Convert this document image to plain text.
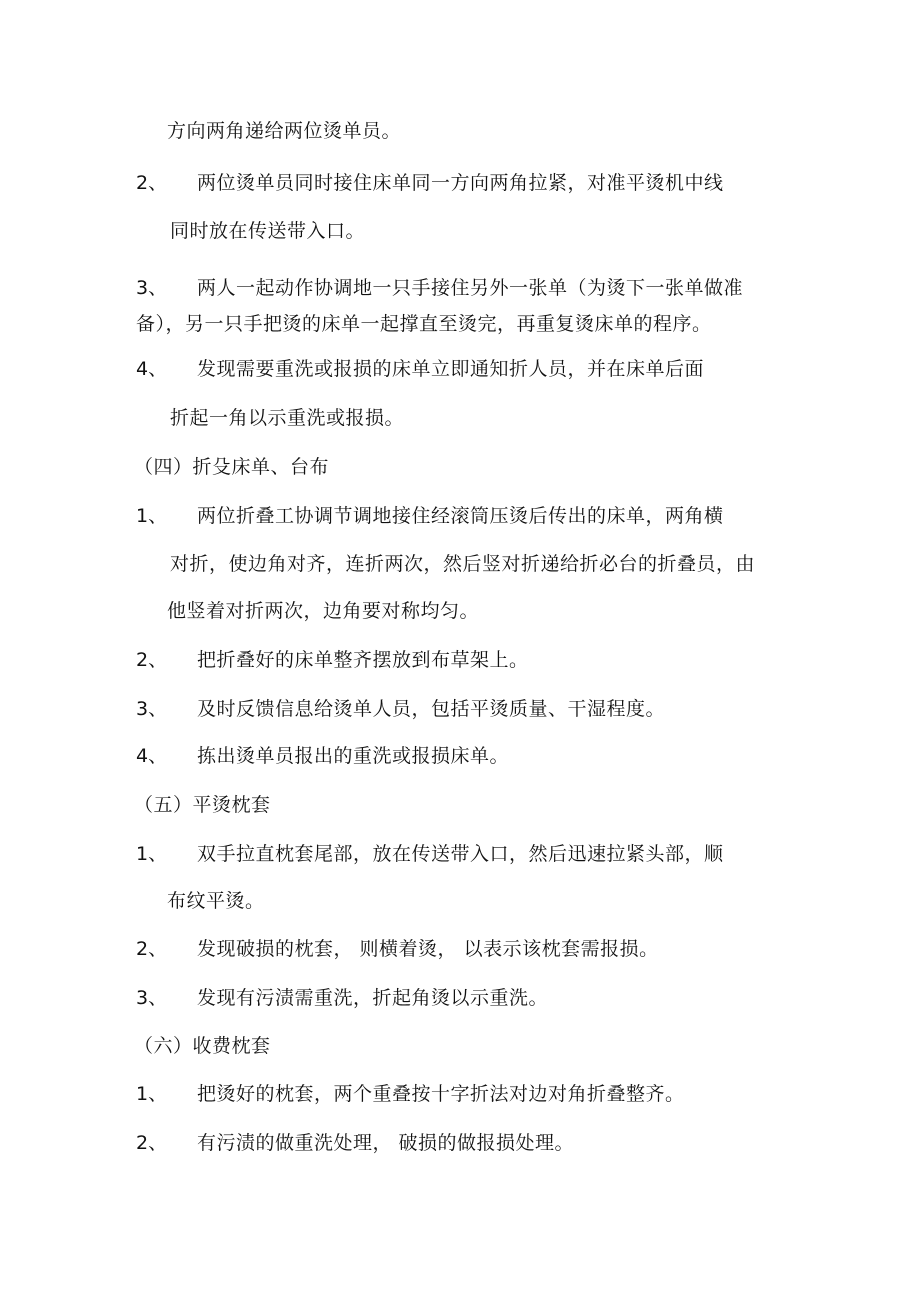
方向两角递给两位烫单员。
2、 两位烫单员同时接住床单同一方向两角拉紧，对准平烫机中线
同时放在传送带入口。
3、 两人一起动作协调地一只手接住另外一张单（为烫下一张单做准
备），另一只手把烫的床单一起撑直至烫完，再重复烫床单的程序。
4、 发现需要重洗或报损的床单立即通知折人员，并在床单后面
折起一角以示重洗或报损。
（四）折殳床单、台布
1、 两位折叠工协调节调地接住经滚筒压烫后传出的床单，两角横
对折，使边角对齐，连折两次，然后竖对折递给折必台的折叠员，由
他竖着对折两次，边角要对称均匀。
2、 把折叠好的床单整齐摆放到布草架上。
3、 及时反馈信息给烫单人员，包括平烫质量、干湿程度。
4、 拣出烫单员报出的重洗或报损床单。
（五）平烫枕套
1、 双手拉直枕套尾部，放在传送带入口，然后迅速拉紧头部，顺
布纹平烫。
2、 发现破损的枕套， 则横着烫， 以表示该枕套需报损。
3、 发现有污渍需重洗，折起角烫以示重洗。
（六）收费枕套
1、 把烫好的枕套，两个重叠按十字折法对边对角折叠整齐。
2、 有污渍的做重洗处理， 破损的做报损处理。
